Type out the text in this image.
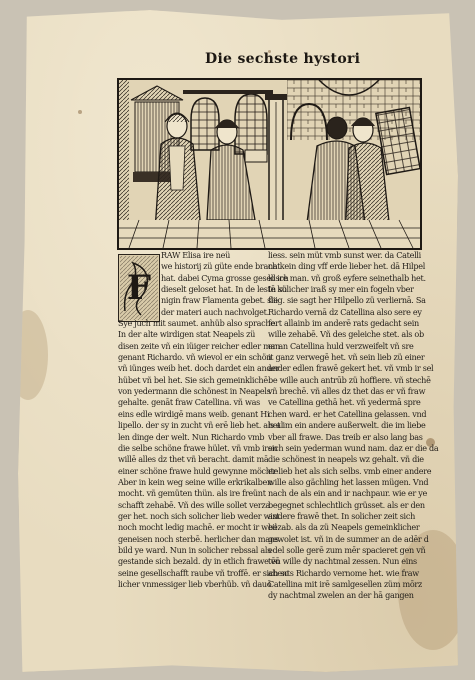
Die sechste hystori
F
RAW Elisa ire neü
we historij zü güte ende bracht
hat. dabei Cyma grosse gesellsch
dieselt geloset hat. In de lestē kü
nigin fraw Flamenta gebet. sie
der materi auch nachvolget.
Sye juch mit saumet. anhüb also sprache.
In der alte wirdigen stat Neapels zü
disen zeite vñ ein iüiger reicher edler man
genant Richardo. vñ wievol er ein schön
vñ iünges weib het. doch dardet ein ander
hübet vñ bel het. Sie sich gemeinklichē
von yedermann die schönest in Neapels
gehalte. genāt fraw Catellina. vñ was
eins edle wirdigē mans weib. genant Hi
lipello. der sy in zucht vñ erē lieb het. als al
len dinge der welt. Nun Richardo vmb
die selbe schöne frawe hület. vñ vmb iren
willē alles dz thet vñ beracht. damit mā
einer schöne frawe huld gewynne möchte
Aber in kein weg seine wille erkrikalben
mocht. vñ gemüten thün. als ire freünt
schafft zehabē. Vñ des wille sollet verza
ger het. noch sich solicher lieb weder wist
noch mocht ledig machē. er mocht ir weil
geneisen noch sterbē. herlicher dan mans
bild ye ward. Nun in solicher rebssal als
gestande sich bezald. dy in etlich frawe vō
seine gesellschafft raube vñ troffē. er sich so
licher vnmessiger lieb vberhüb. vñ dauō
liess. sein müt vmb sunst wer. da Catelli
na kein ding vff erde lieber het. dā Hilpel
lo ire man. vñ groß eyfere seinethalb het.
In solicher iraß sy mer ein fogeln vber
fliig. sie sagt her Hilpello zü verliernā. Sa
Richardo vernā dz Catellina also sere ey
fert allainb im anderē rats gedacht sein
wille zehabē. Vñ des geleiche stet. als ob
er an Catellina huld verzweifelt vñ sre
it ganz verwegē het. vñ sein lieb zü einer
ander edlen frawē gekert het. vñ vmb ir sel
be wille auch antrūb zü hoffiere. vñ stechē
vñ brechē. vñ alles dz thet das er vñ fraw
ve Catellina gethā het. vñ yedermā spre
chen ward. er het Catellina gelassen. vnd
het im ein andere außerwelt. die im liebe
vber all frawe. Das treib er also lang bas
sich sein yederman wund nam. daz er die da
die schönest in neapels wz gehalt. vñ die
er lieb het als sich selbs. vmb einer andere
wille also gächling het lassen mügen. Vnd
nach de als ein and ir nachpaur. wie er ye
begegnet schlechtlich grüsset. als er den
andere frawē thet. In solicher zeit sich
bezab. als da zü Neapels gemeinklicher
gewolet ist. vñ in de summer an de adēr d
edel solle gerē zum mēr spacieret gen vñ
tēn wille dy nachtmal zessen. Nun eins
abents Richardo vernome het. wie fraw
Catellina mit irē samlgesellen züm mōrz
dy nachtmal zwelen an der hā gangen
